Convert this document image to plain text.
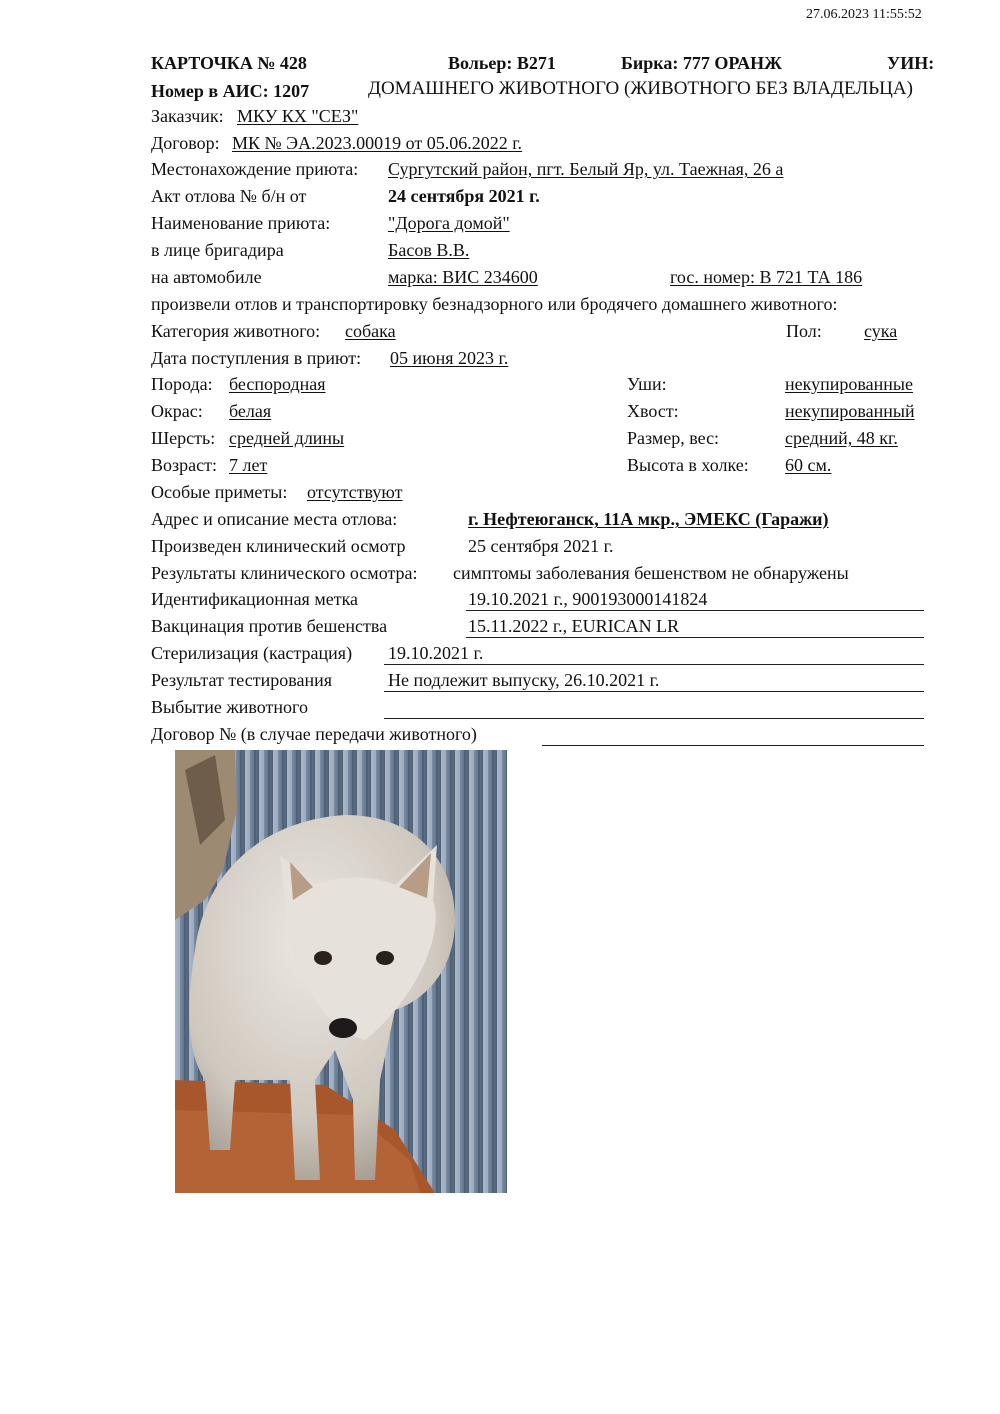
27.06.2023 11:55:52
КАРТОЧКА № 428	Вольер: В271	Бирка: 777 ОРАНЖ	УИН:
Номер в АИС: 1207	ДОМАШНЕГО ЖИВОТНОГО (ЖИВОТНОГО БЕЗ ВЛАДЕЛЬЦА)
Заказчик: МКУ КХ "СЕЗ"
Договор: МК № ЭА.2023.00019 от 05.06.2022 г.
Местонахождение приюта: Сургутский район, пгт. Белый Яр, ул. Таежная, 26 а
Акт отлова № б/н от	24 сентября 2021 г.
Наименование приюта:	"Дорога домой"
в лице бригадира	Басов В.В.
на автомобиле	марка: ВИС 234600	гос. номер: В 721 ТА 186
произвели отлов и транспортировку безнадзорного или бродячего домашнего животного:
Категория животного: собака	Пол: сука
Дата поступления в приют: 05 июня 2023 г.
Порода: беспородная	Уши:	некупированные
Окрас: белая	Хвост:	некупированный
Шерсть: средней длины	Размер, вес:	средний, 48 кг.
Возраст: 7 лет	Высота в холке: 60 см.
Особые приметы: отсутствуют
Адрес и описание места отлова:	г. Нефтеюганск, 11А мкр., ЭМЕКС (Гаражи)
Произведен клинический осмотр	25 сентября 2021 г.
Результаты клинического осмотра: симптомы заболевания бешенством не обнаружены
Идентификационная метка	19.10.2021 г., 900193000141824
Вакцинация против бешенства	15.11.2022 г., EURICAN LR
Стерилизация (кастрация) 19.10.2021 г.
Результат тестирования	Не подлежит выпуску, 26.10.2021 г.
Выбытие животного
Договор № (в случае передачи животного)
